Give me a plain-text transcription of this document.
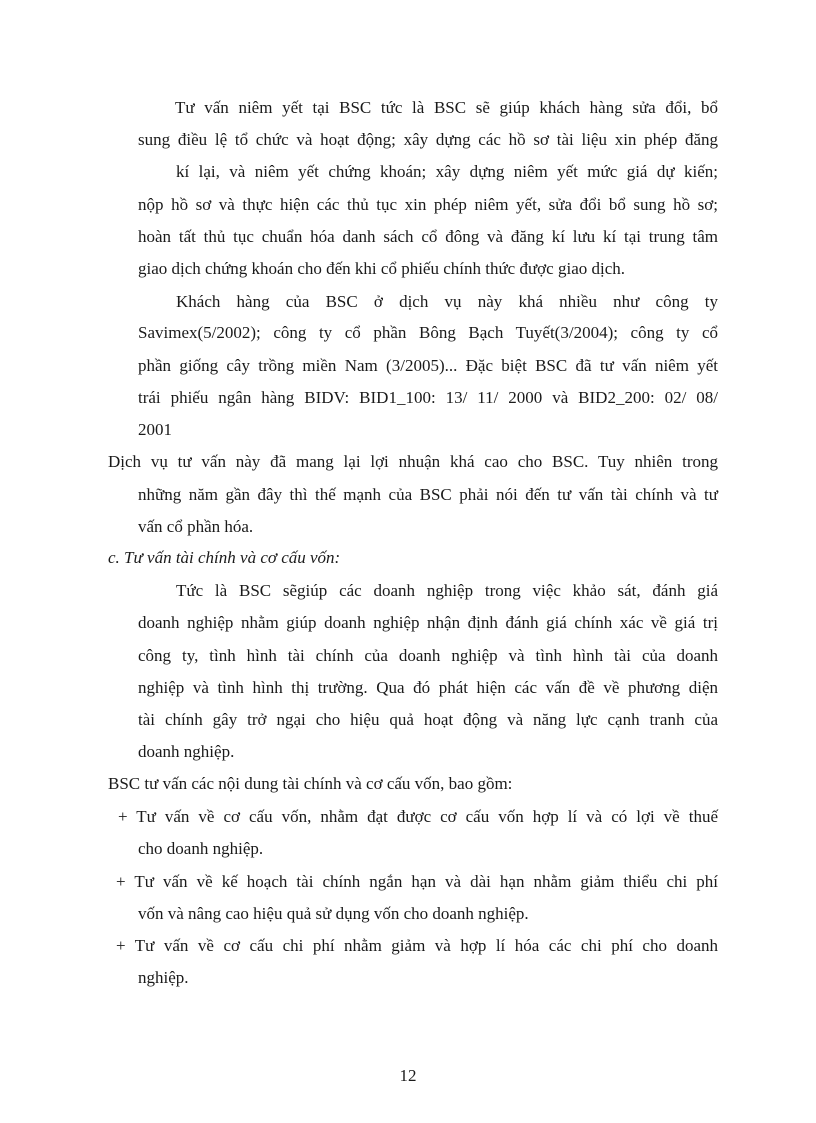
Tư vấn niêm yết tại BSC tức là BSC sẽ giúp khách hàng sửa đổi, bổ
sung điều lệ tổ chức và hoạt động; xây dựng các hồ sơ tài liệu xin phép đăng
kí lại, và niêm yết chứng khoán; xây dựng niêm yết mức giá dự kiến;
nộp hồ sơ và thực hiện các thủ tục xin phép niêm yết, sửa đổi bổ sung hồ sơ;
hoàn tất thủ tục chuẩn hóa danh sách cổ đông và đăng kí lưu kí tại trung tâm
giao dịch chứng khoán cho đến khi cổ phiếu chính thức được giao dịch.
Khách hàng của BSC ở dịch vụ này khá nhiều như công ty
Savimex(5/2002); công ty cổ phần Bông Bạch Tuyết(3/2004); công ty cổ
phần giống cây trồng miền Nam (3/2005)... Đặc biệt BSC đã tư vấn niêm yết
trái phiếu ngân hàng BIDV: BID1_100: 13/ 11/ 2000 và BID2_200: 02/ 08/
2001
Dịch vụ tư vấn này đã mang lại lợi nhuận khá cao cho BSC. Tuy nhiên trong
những năm gần đây thì thế mạnh của BSC phải nói đến tư vấn tài chính và tư
vấn cổ phần hóa.
c. Tư vấn tài chính và cơ cấu vốn:
Tức là BSC sẽgiúp các doanh nghiệp trong việc khảo sát, đánh giá
doanh nghiệp nhằm giúp doanh nghiệp nhận định đánh giá chính xác về giá trị
công ty, tình hình tài chính của doanh nghiệp và tình hình tài của doanh
nghiệp và tình hình thị trường. Qua đó phát hiện các vấn đề về phương diện
tài chính gây trở ngại cho hiệu quả hoạt động và năng lực cạnh tranh của
doanh nghiệp.
BSC tư vấn các nội dung tài chính và cơ cấu vốn, bao gồm:
+ Tư vấn về cơ cấu vốn, nhằm đạt được cơ cấu vốn hợp lí và có lợi về thuế
cho doanh nghiệp.
+ Tư vấn về kế hoạch tài chính ngắn hạn và dài hạn nhằm giảm thiểu chi phí
vốn và nâng cao hiệu quả sử dụng vốn cho doanh nghiệp.
+ Tư vấn về cơ cấu chi phí nhằm giảm và hợp lí hóa các chi phí cho doanh
nghiệp.
12
